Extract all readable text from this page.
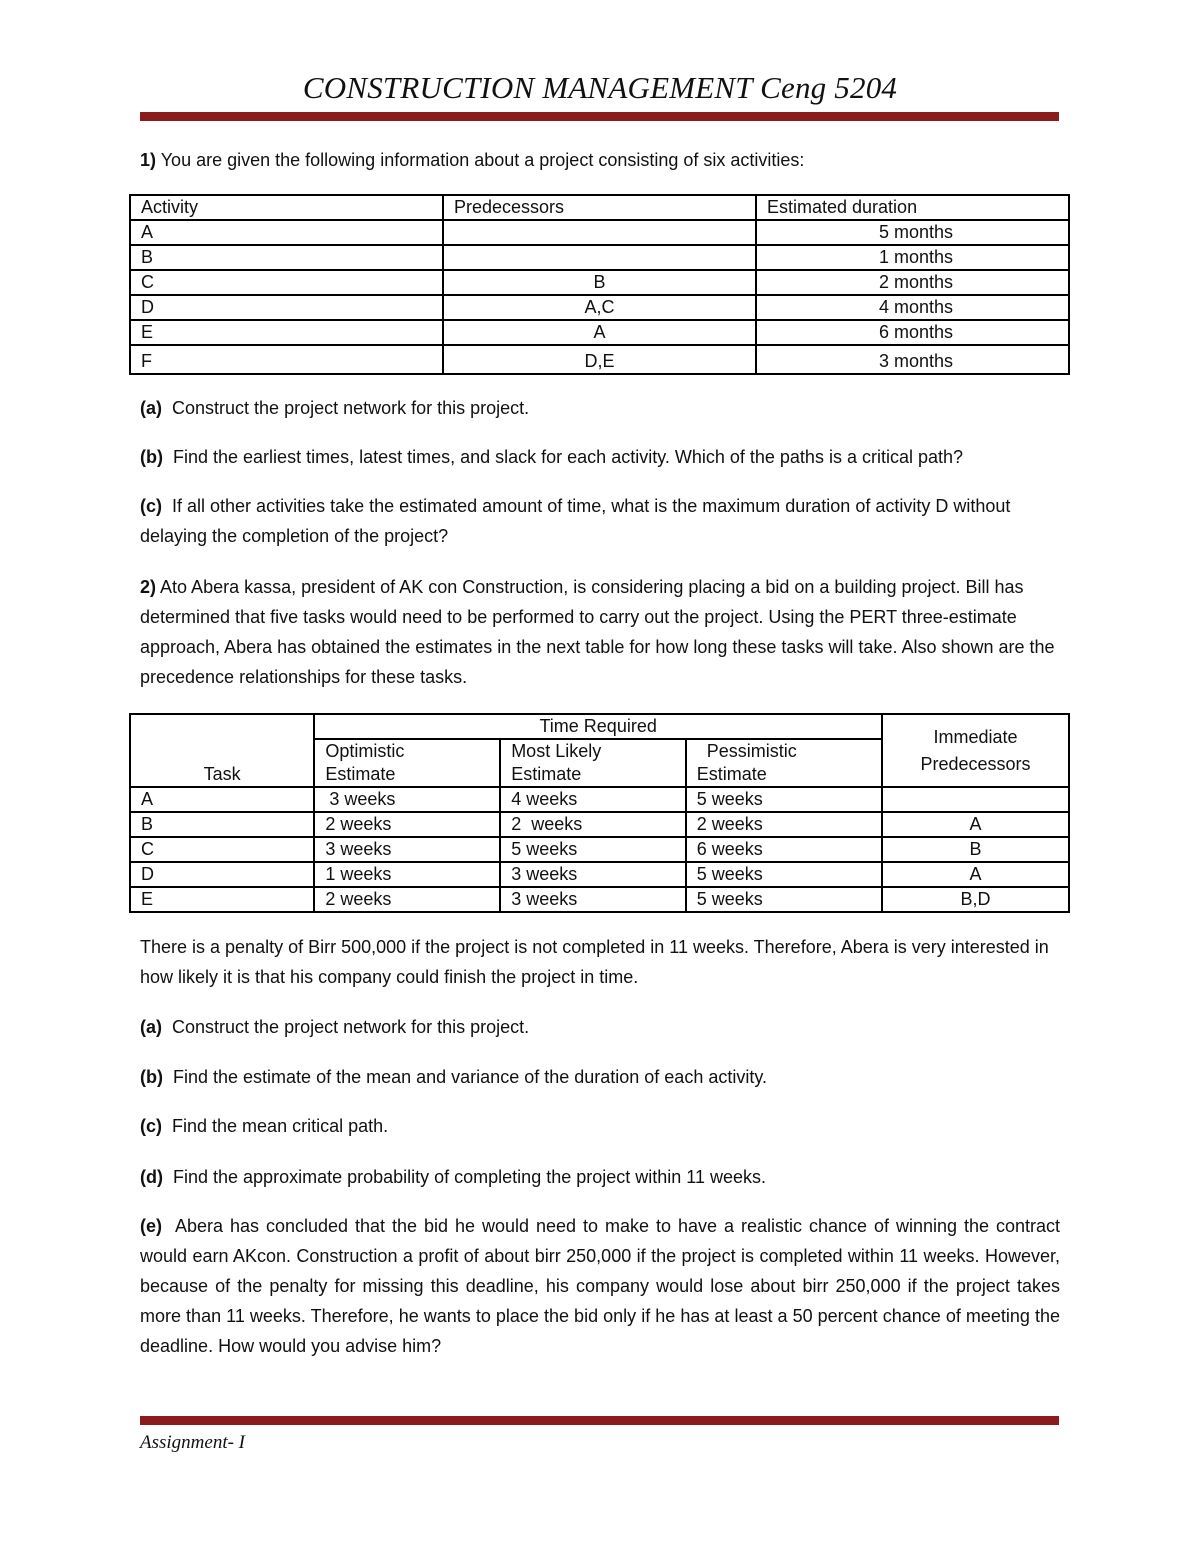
CONSTRUCTION MANAGEMENT Ceng 5204
1) You are given the following information about a project consisting of six activities:
Activity	Predecessors	Estimated duration
A		5 months
B		1 months
C	B	2 months
D	A,C	4 months
E	A	6 months
F	D,E	3 months
(a) Construct the project network for this project.
(b) Find the earliest times, latest times, and slack for each activity. Which of the paths is a critical path?
(c) If all other activities take the estimated amount of time, what is the maximum duration of activity D without delaying the completion of the project?
2) Ato Abera kassa, president of AK con Construction, is considering placing a bid on a building project. Bill has determined that five tasks would need to be performed to carry out the project. Using the PERT three-estimate approach, Abera has obtained the estimates in the next table for how long these tasks will take. Also shown are the precedence relationships for these tasks.
Task	Time Required			Immediate
Predecessors

	Optimistic	Most Likely	Pessimistic	
	Estimate	Estimate	Estimate	
A	3 weeks	4 weeks	5 weeks	
B	2 weeks	2  weeks	2 weeks	A
C	3 weeks	5 weeks	6 weeks	B
D	1 weeks	3 weeks	5 weeks	A
E	2 weeks	3 weeks	5 weeks	B,D
There is a penalty of Birr 500,000 if the project is not completed in 11 weeks. Therefore, Abera is very interested in how likely it is that his company could finish the project in time.
(a) Construct the project network for this project.
(b) Find the estimate of the mean and variance of the duration of each activity.
(c) Find the mean critical path.
(d) Find the approximate probability of completing the project within 11 weeks.
(e) Abera has concluded that the bid he would need to make to have a realistic chance of winning the contract would earn AKcon. Construction a profit of about birr 250,000 if the project is completed within 11 weeks. However, because of the penalty for missing this deadline, his company would lose about birr 250,000 if the project takes more than 11 weeks. Therefore, he wants to place the bid only if he has at least a 50 percent chance of meeting the deadline. How would you advise him?
Assignment- I
